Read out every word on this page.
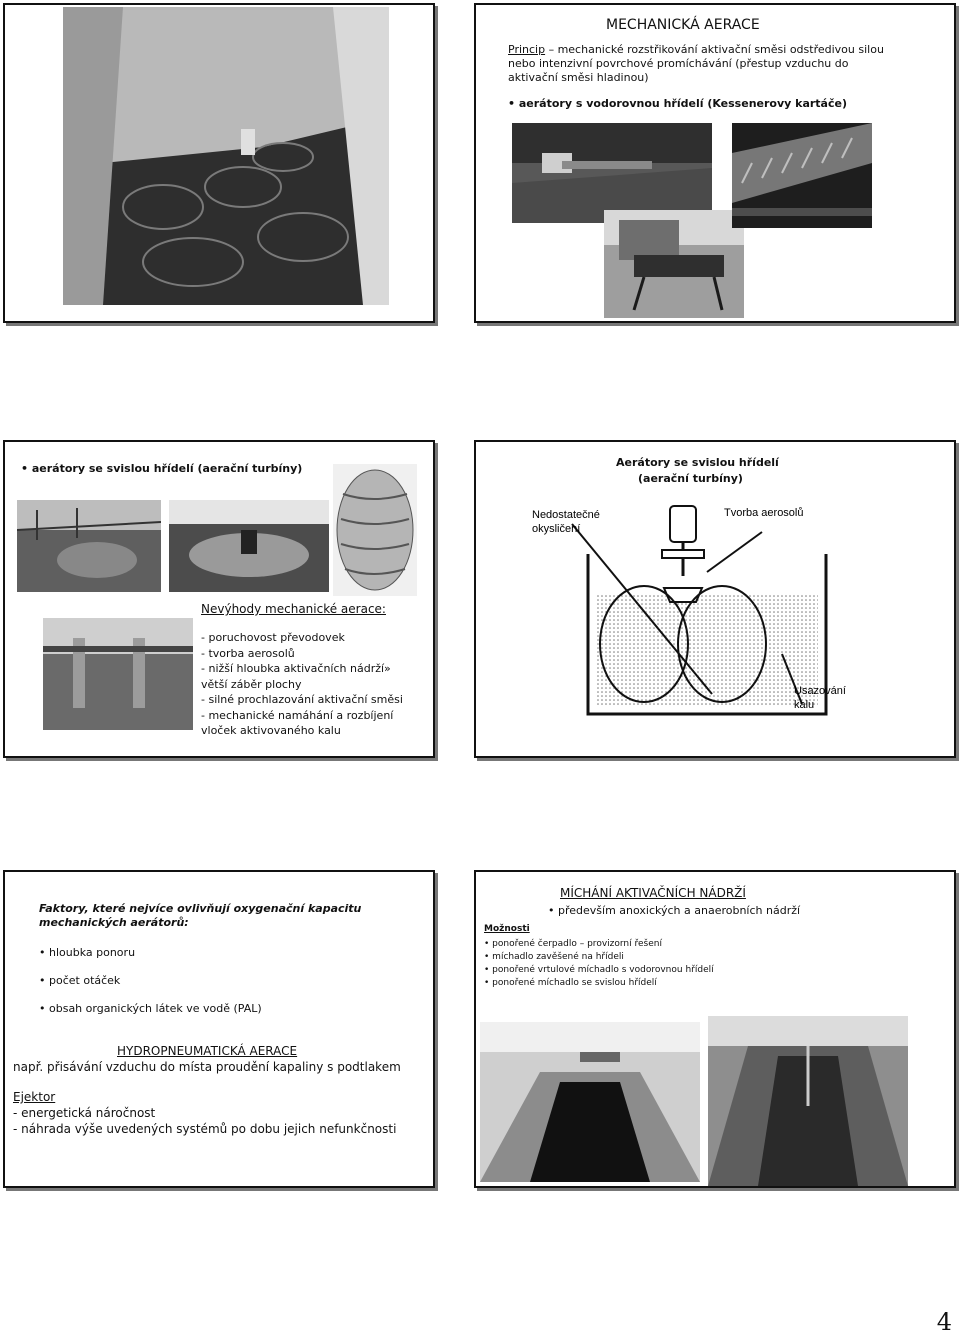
MECHANICKÁ AERACE

Princip – mechanické rozstřikování aktivační směsi odstředivou silou nebo intenzivní povrchové promíchávání (přestup vzduchu do aktivační směsi hladinou)

• aerátory s vodorovnou hřídelí (Kessenerovy kartáče)

• aerátory se svislou hřídelí (aerační turbíny)

Nevýhody mechanické aerace:

- poruchovost převodovek
- tvorba aerosolů
- nižší hloubka aktivačních nádrží»
větší záběr plochy
- silné prochlazování aktivační směsi
- mechanické namáhání a rozbíjení
vloček aktivovaného kalu

Aerátory se svislou hřídelí

(aerační turbíny)

Nedostatečné
okysličení
Tvorba aerosolů
Usazování
kalu

Faktory, které nejvíce ovlivňují oxygenační kapacitu mechanických aerátorů:

• hloubka ponoru

• počet otáček

• obsah organických látek ve vodě (PAL)

HYDROPNEUMATICKÁ AERACE

např. přisávání vzduchu do místa proudění kapaliny s podtlakem

Ejektor

- energetická náročnost

- náhrada výše uvedených systémů po dobu jejich nefunkčnosti

MÍCHÁNÍ AKTIVAČNÍCH NÁDRŽÍ

• především anoxických a anaerobních nádrží

Možnosti

• ponořené čerpadlo – provizorní řešení
• míchadlo zavěšené na hřídeli
• ponořené vrtulové míchadlo s vodorovnou hřídelí
• ponořené míchadlo se svislou hřídelí
4
